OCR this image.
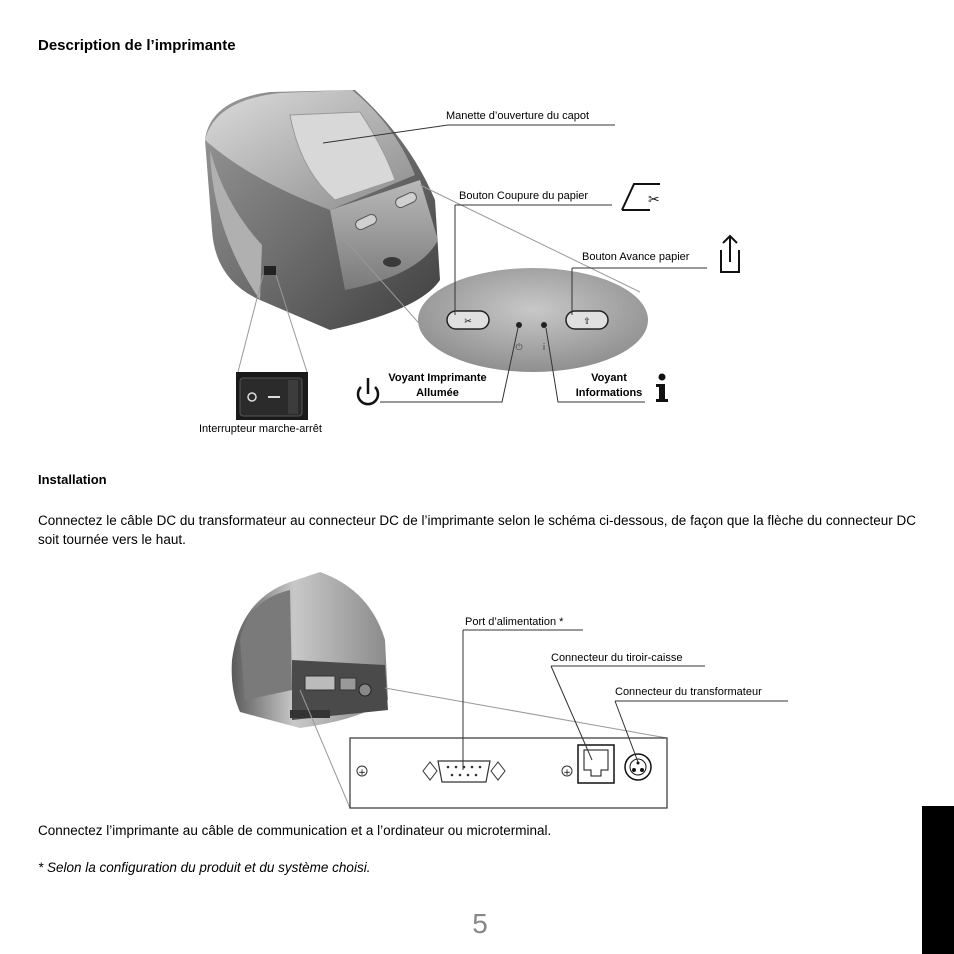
Description de l’imprimante
✂	⇧
⏻ i
✂
+	+
Manette d’ouverture du capot
Bouton Coupure du papier
Bouton Avance papier
Voyant Imprimante
Allumée
Voyant
Informations
Interrupteur marche-arrêt
Installation
Connectez le câble DC du transformateur au connecteur DC de l’imprimante selon le schéma ci-dessous, de façon que la flèche du connecteur DC soit tournée vers le haut.
Port d’alimentation *
Connecteur du tiroir-caisse
Connecteur du transformateur
Connectez l’imprimante au câble de communication et a l’ordinateur ou microterminal.
* Selon la configuration du produit et du système choisi.
5
